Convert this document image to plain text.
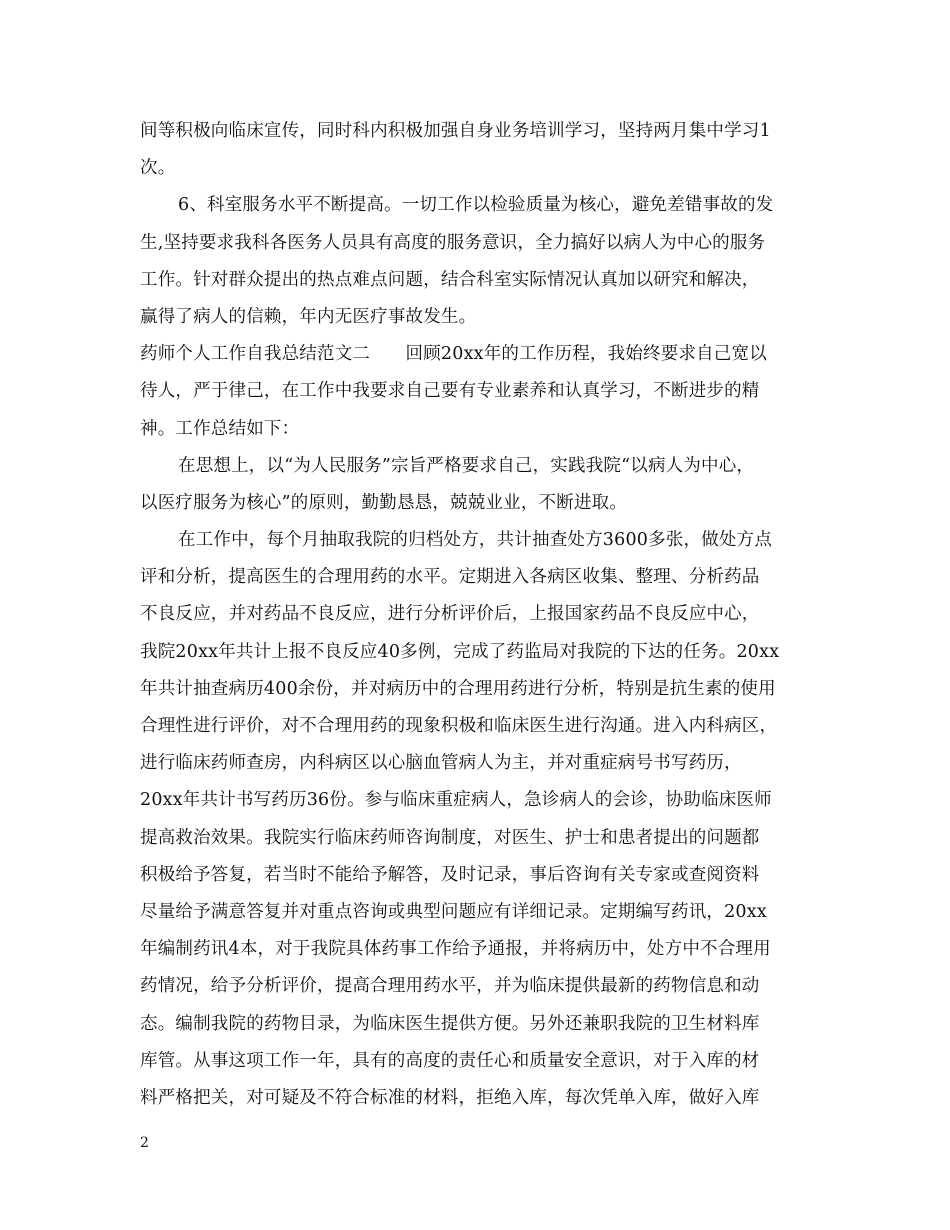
间等积极向临床宣传，同时科内积极加强自身业务培训学习，坚持两月集中学习1
次。
6、科室服务水平不断提高。一切工作以检验质量为核心，避免差错事故的发
生,坚持要求我科各医务人员具有高度的服务意识，全力搞好以病人为中心的服务
工作。针对群众提出的热点难点问题，结合科室实际情况认真加以研究和解决，
赢得了病人的信赖，年内无医疗事故发生。
药师个人工作自我总结范文二　　回顾20xx年的工作历程，我始终要求自己宽以
待人，严于律己，在工作中我要求自己要有专业素养和认真学习，不断进步的精
神。工作总结如下：
在思想上，以“为人民服务”宗旨严格要求自己，实践我院“以病人为中心，
以医疗服务为核心”的原则，勤勤恳恳，兢兢业业，不断进取。
在工作中，每个月抽取我院的归档处方，共计抽查处方3600多张，做处方点
评和分析，提高医生的合理用药的水平。定期进入各病区收集、整理、分析药品
不良反应，并对药品不良反应，进行分析评价后，上报国家药品不良反应中心，
我院20xx年共计上报不良反应40多例，完成了药监局对我院的下达的任务。20xx
年共计抽查病历400余份，并对病历中的合理用药进行分析，特别是抗生素的使用
合理性进行评价，对不合理用药的现象积极和临床医生进行沟通。进入内科病区，
进行临床药师查房，内科病区以心脑血管病人为主，并对重症病号书写药历，
20xx年共计书写药历36份。参与临床重症病人，急诊病人的会诊，协助临床医师
提高救治效果。我院实行临床药师咨询制度，对医生、护士和患者提出的问题都
积极给予答复，若当时不能给予解答，及时记录，事后咨询有关专家或查阅资料
尽量给予满意答复并对重点咨询或典型问题应有详细记录。定期编写药讯，20xx
年编制药讯4本，对于我院具体药事工作给予通报，并将病历中，处方中不合理用
药情况，给予分析评价，提高合理用药水平，并为临床提供最新的药物信息和动
态。编制我院的药物目录，为临床医生提供方便。另外还兼职我院的卫生材料库
库管。从事这项工作一年，具有的高度的责任心和质量安全意识，对于入库的材
料严格把关，对可疑及不符合标准的材料，拒绝入库，每次凭单入库，做好入库
2
